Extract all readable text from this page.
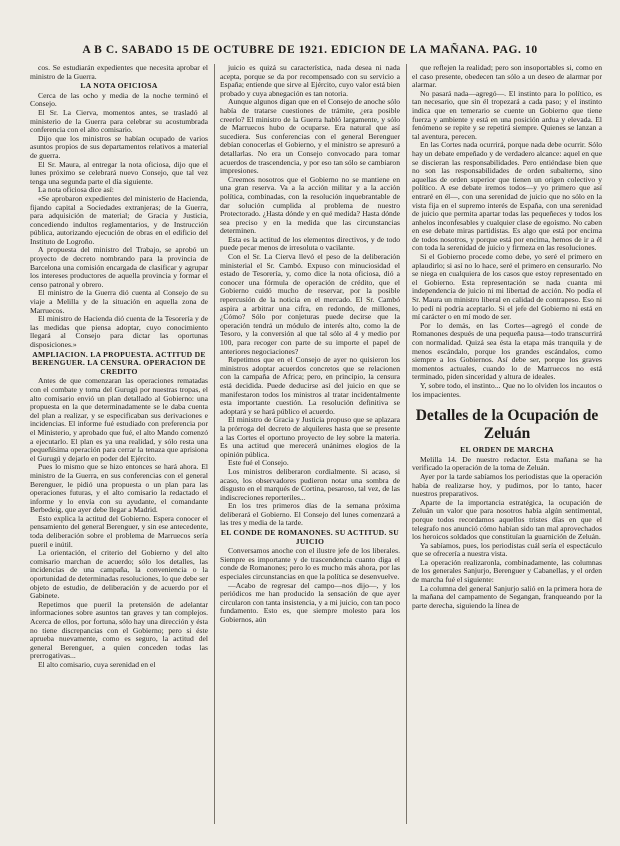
A B C. SABADO 15 DE OCTUBRE DE 1921. EDICION DE LA MAÑANA. PAG. 10

cos. Se estudiarán expedientes que necesita aprobar el ministro de la Guerra.

LA NOTA OFICIOSA

Cerca de las ocho y media de la noche terminó el Consejo.

El Sr. La Cierva, momentos antes, se trasladó al ministerio de la Guerra para celebrar su acostumbrada conferencia con el alto comisario.

Dijo que los ministros se habían ocupado de varios asuntos propios de sus departamentos relativos a material de guerra.

El Sr. Maura, al entregar la nota oficiosa, dijo que el lunes próximo se celebrará nuevo Consejo, que tal vez tenga una segunda parte el día siguiente.

La nota oficiosa dice así:

«Se aprobaron expedientes del ministerio de Hacienda, fijando capital a Sociedades extranjeras; de la Guerra, para adquisición de material; de Gracia y Justicia, concediendo indultos reglamentarios, y de Instrucción pública, autorizando ejecución de obras en el edificio del Instituto de Logroño.

A propuesta del ministro del Trabajo, se aprobó un proyecto de decreto nombrando para la provincia de Barcelona una comisión encargada de clasificar y agrupar los intereses productores de aquella provincia y formar el censo patronal y obrero.

El ministro de la Guerra dió cuenta al Consejo de su viaje a Melilla y de la situación en aquella zona de Marruecos.

El ministro de Hacienda dió cuenta de la Tesorería y de las medidas que piensa adoptar, cuyo conocimiento llegará al Consejo para dictar las oportunas disposiciones.»

AMPLIACION. LA PROPUESTA. ACTITUD DE BERENGUER. LA CENSURA. OPERACION DE CREDITO

Antes de que comenzaran las operaciones rematadas con el combate y toma del Gurugú por nuestras tropas, el alto comisario envió un plan detallado al Gobierno: una propuesta en la que determinadamente se le daba cuenta del plan a realizar, y se especificaban sus derivaciones e incidencias. El informe fué estudiado con preferencia por el Ministerio, y aprobado que fué, el alto Mando comenzó a ejecutarlo. El plan es ya una realidad, y sólo resta una pequeñísima operación para cerrar la tenaza que aprisiona el Gurugú y dejarlo en poder del Ejército.

Pues lo mismo que se hizo entonces se hará ahora. El ministro de la Guerra, en sus conferencias con el general Berenguer, le pidió una propuesta o un plan para las operaciones futuras, y el alto comisario la redactado el informe y lo envía con su ayudante, el comandante Berbedeig, que ayer debe llegar a Madrid.

Esto explica la actitud del Gobierno. Espera conocer el pensamiento del general Berenguer, y sin ese antecedente, toda deliberación sobre el problema de Marruecos sería pueril e inútil.

La orientación, el criterio del Gobierno y del alto comisario marchan de acuerdo; sólo los detalles, las incidencias de una campaña, la conveniencia o la oportunidad de determinadas resoluciones, lo que debe ser objeto de estudio, de deliberación y de acuerdo por el Gabinete.

Repetimos que pueril la pretensión de adelantar informaciones sobre asuntos tan graves y tan complejos. Acerca de ellos, por fortuna, sólo hay una dirección y ésta no tiene discrepancias con el Gobierno; pero si éste aprueba nuevamente, como es seguro, la actitud del general Berenguer, a quien conceden todas las prerrogativas...

El alto comisario, cuya serenidad en el

juicio es quizá su característica, nada desea ni nada acepta, porque se da por recompensado con su servicio a España; entiende que sirve al Ejército, cuyo valor está bien probado y cuya abnegación es tan notoria.

Aunque algunos digan que en el Consejo de anoche sólo había de tratarse cuestiones de trámite, ¿era posible creerlo? El ministro de la Guerra habló largamente, y sólo de Marruecos hubo de ocuparse. Era natural que así sucediera. Sus conferencias con el general Berenguer debían conocerlas el Gobierno, y el ministro se apresuró a detallarlas. No era un Consejo convocado para tomar acuerdos de trascendencia, y por eso tan sólo se cambiaron impresiones.

Creemos nosotros que el Gobierno no se mantiene en una gran reserva. Va a la acción militar y a la acción política, combinadas, con la resolución inquebrantable de dar solución cumplida al problema de nuestro Protectorado. ¿Hasta dónde y en qué medida? Hasta dónde sea preciso y en la medida que las circunstancias determinen.

Esta es la actitud de los elementos directivos, y de todo puede pecar menos de irresoluta o vacilante.

Con el Sr. La Cierva llevó el peso de la deliberación ministerial el Sr. Cambó. Expuso con minuciosidad el estado de Tesorería, y, como dice la nota oficiosa, dió a conocer una fórmula de operación de crédito, que el Gobierno cuidó mucho de reservar, por la posible repercusión de la noticia en el mercado. El Sr. Cambó aspira a arbitrar una cifra, en redondo, de millones, ¿Cómo? Sólo por conjeturas puede decirse que la operación tendrá un módulo de interés alto, como la de Tesoro, y la conversión al que tal sólo al 4 y medio por 100, para recoger con parte de su importe el papel de anteriores negociaciones?

Repetimos que en el Consejo de ayer no quisieron los ministros adoptar acuerdos concretos que se relacionen con la campaña de Africa; pero, en principio, la censura está decidida. Puede deducirse así del juicio en que se manifestaron todos los ministros al tratar incidentalmente esta importante cuestión. La resolución definitiva se adoptará y se hará público el acuerdo.

El ministro de Gracia y Justicia propuso que se aplazara la prórroga del decreto de alquileres hasta que se presente a las Cortes el oportuno proyecto de ley sobre la materia. Es una actitud que merecerá unánimes elogios de la opinión pública.

Este fué el Consejo.

Los ministros deliberaron cordialmente. Si acaso, si acaso, los observadores pudieron notar una sombra de disgusto en el marqués de Cortina, pesaroso, tal vez, de las indiscreciones reporteriles...

En los tres primeros días de la semana próxima deliberará el Gobierno. El Consejo del lunes comenzará a las tres y media de la tarde.

EL CONDE DE ROMANONES. SU ACTITUD. SU JUICIO

Conversamos anoche con el ilustre jefe de los liberales. Siempre es importante y de trascendencia cuanto diga el conde de Romanones; pero lo es mucho más ahora, por las especiales circunstancias en que la política se desenvuelve.

—Acabo de regresar del campo—nos dijo—, y los periódicos me han producido la sensación de que ayer circularon con tanta insistencia, y a mi juicio, con tan poco fundamento. Esto es, que siempre molesto para los Gobiernos, aún

que reflejen la realidad; pero son insoportables si, como en el caso presente, obedecen tan sólo a un deseo de alarmar por alarmar.

No pasará nada—agregó—. El instinto para lo político, es tan necesario, que sin él tropezará a cada paso; y el instinto indica que en temerario se cuente un Gobierno que tiene fuerza y ambiente y está en una posición ardua y elevada. El fenómeno se repite y se repetirá siempre. Quienes se lanzan a tal aventura, perecen.

En las Cortes nada ocurrirá, porque nada debe ocurrir. Sólo hay un debate empeñado y de verdadero alcance: aquel en que se discieran las responsabilidades. Pero entiéndase bien que no son las responsabilidades de orden subalterno, sino aquellas de orden superior que tienen un origen colectivo y político. A ese debate iremos todos—y yo primero que así entraré en él—, con una serenidad de juicio que no sólo en la vista fija en el supremo interés de España, con una serenidad de juicio que permita apartar todas las pequeñeces y todos los anhelos inconfesables y cualquier clase de egoísmo. No caben en ese debate miras partidistas. Es algo que está por encima de todos nosotros, y porque está por encima, hemos de ir a él con toda la serenidad de juicio y firmeza en las resoluciones.

Si el Gobierno procede como debe, yo seré el primero en aplaudirlo; si así no lo hace, seré el primero en censurarlo. No se niega en cualquiera de los casos que estoy representado en el Gobierno. Esta representación se nada cuanta mi independencia de juicio ni mi libertad de acción. No podía el Sr. Maura un ministro liberal en calidad de contrapeso. Eso ni lo pedí ni podría aceptarlo. Si el jefe del Gobierno ni está en mí carácter o en mí modo de ser.

Por lo demás, en las Cortes—agregó el conde de Romanones después de una pequeña pausa—todo transcurrirá con normalidad. Quizá sea ésta la etapa más tranquila y de menos escándalo, porque los grandes escándalos, como siempre a los Gobiernos. Así debe ser, porque los graves momentos actuales, cuando lo de Marruecos no está terminado, piden sinceridad y altura de ideales.

Y, sobre todo, el instinto... Que no lo olviden los incautos o los impacientes.

Detalles de la Ocupación de Zeluán

EL ORDEN DE MARCHA

Melilla 14. De nuestro redactor. Esta mañana se ha verificado la operación de la toma de Zeluán.

Ayer por la tarde sabíamos los periodistas que la operación había de realizarse hoy, y pudimos, por lo tanto, hacer nuestros preparativos.

Aparte de la importancia estratégica, la ocupación de Zeluán un valor que para nosotros había algún sentimental, porque todos recordamos aquellos tristes días en que el telegrafo nos anunció cómo habían sido tan mal aprovechados los heroicos soldados que constituían la guarnición de Zeluán.

Ya sabíamos, pues, los periodistas cuál sería el espectáculo que se ofrecería a nuestra vista.

La operación realizaronla, combinadamente, las columnas de los generales Sanjurjo, Berenguer y Cabanellas, y el orden de marcha fué el siguiente:

La columna del general Sanjurjo salió en la primera hora de la mañana del campamento de Segangan, franqueando por la parte derecha, siguiendo la línea de
